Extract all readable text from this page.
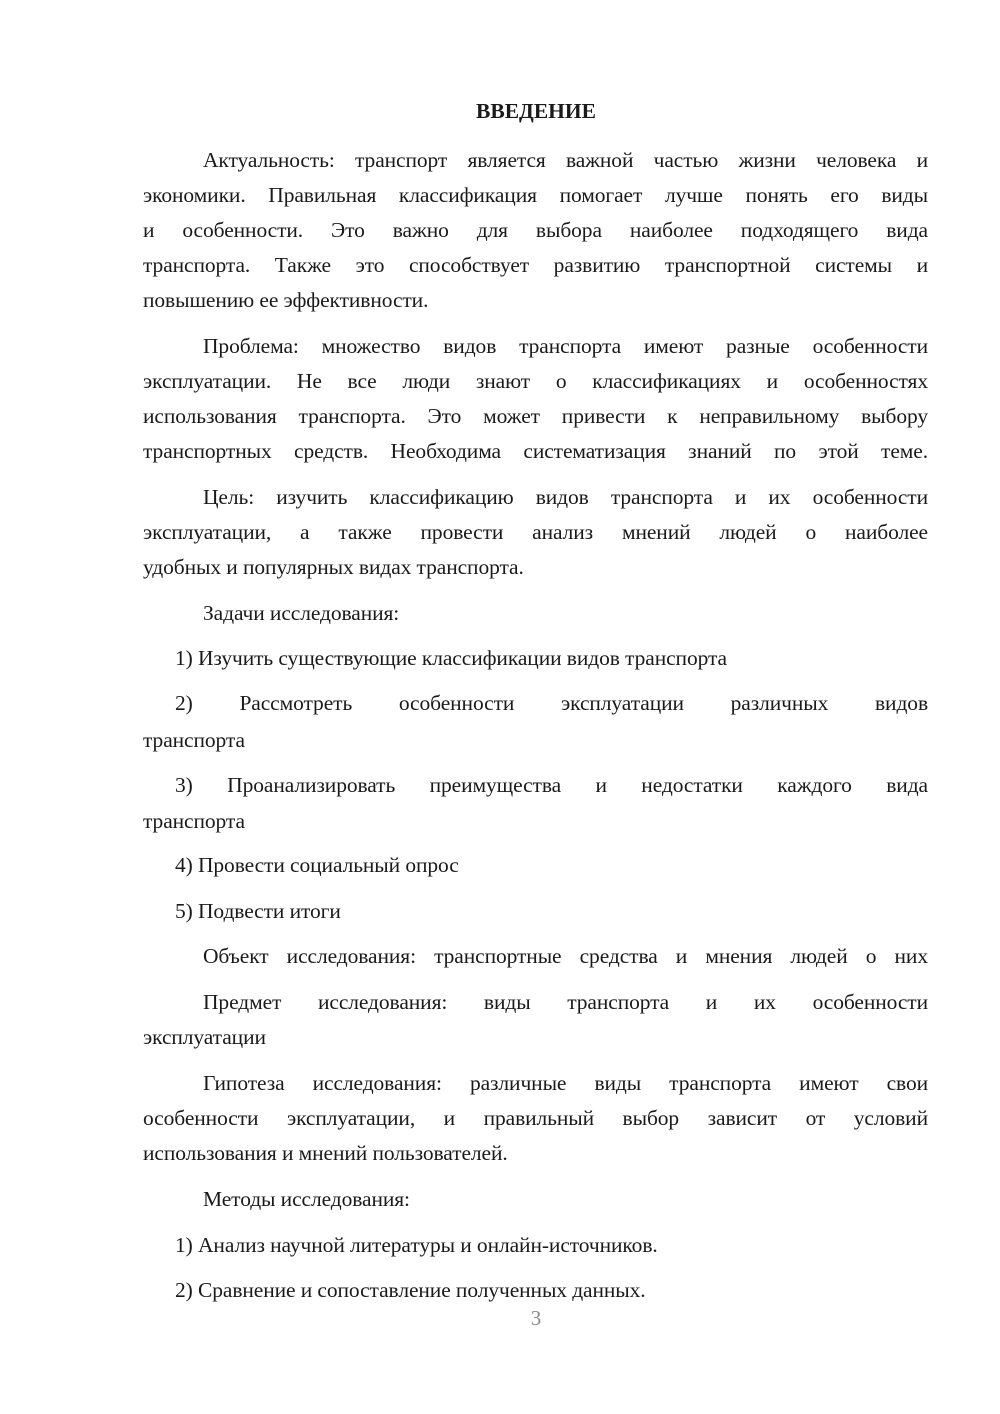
ВВЕДЕНИЕ
Актуальность: транспорт является важной частью жизни человека и
экономики. Правильная классификация помогает лучше понять его виды
и особенности. Это важно для выбора наиболее подходящего вида
транспорта. Также это способствует развитию транспортной системы и
повышению ее эффективности.
Проблема: множество видов транспорта имеют разные особенности
эксплуатации. Не все люди знают о классификациях и особенностях
использования транспорта. Это может привести к неправильному выбору
транспортных средств. Необходима систематизация знаний по этой теме.
Цель: изучить классификацию видов транспорта и их особенности
эксплуатации, а также провести анализ мнений людей о наиболее
удобных и популярных видах транспорта.
Задачи исследования:
1) Изучить существующие классификации видов транспорта
2) Рассмотреть особенности эксплуатации различных видов
транспорта
3) Проанализировать преимущества и недостатки каждого вида
транспорта
4) Провести социальный опрос
5) Подвести итоги
Объект исследования: транспортные средства и мнения людей о них
Предмет исследования: виды транспорта и их особенности
эксплуатации
Гипотеза исследования: различные виды транспорта имеют свои
особенности эксплуатации, и правильный выбор зависит от условий
использования и мнений пользователей.
Методы исследования:
1) Анализ научной литературы и онлайн-источников.
2) Сравнение и сопоставление полученных данных.
3
